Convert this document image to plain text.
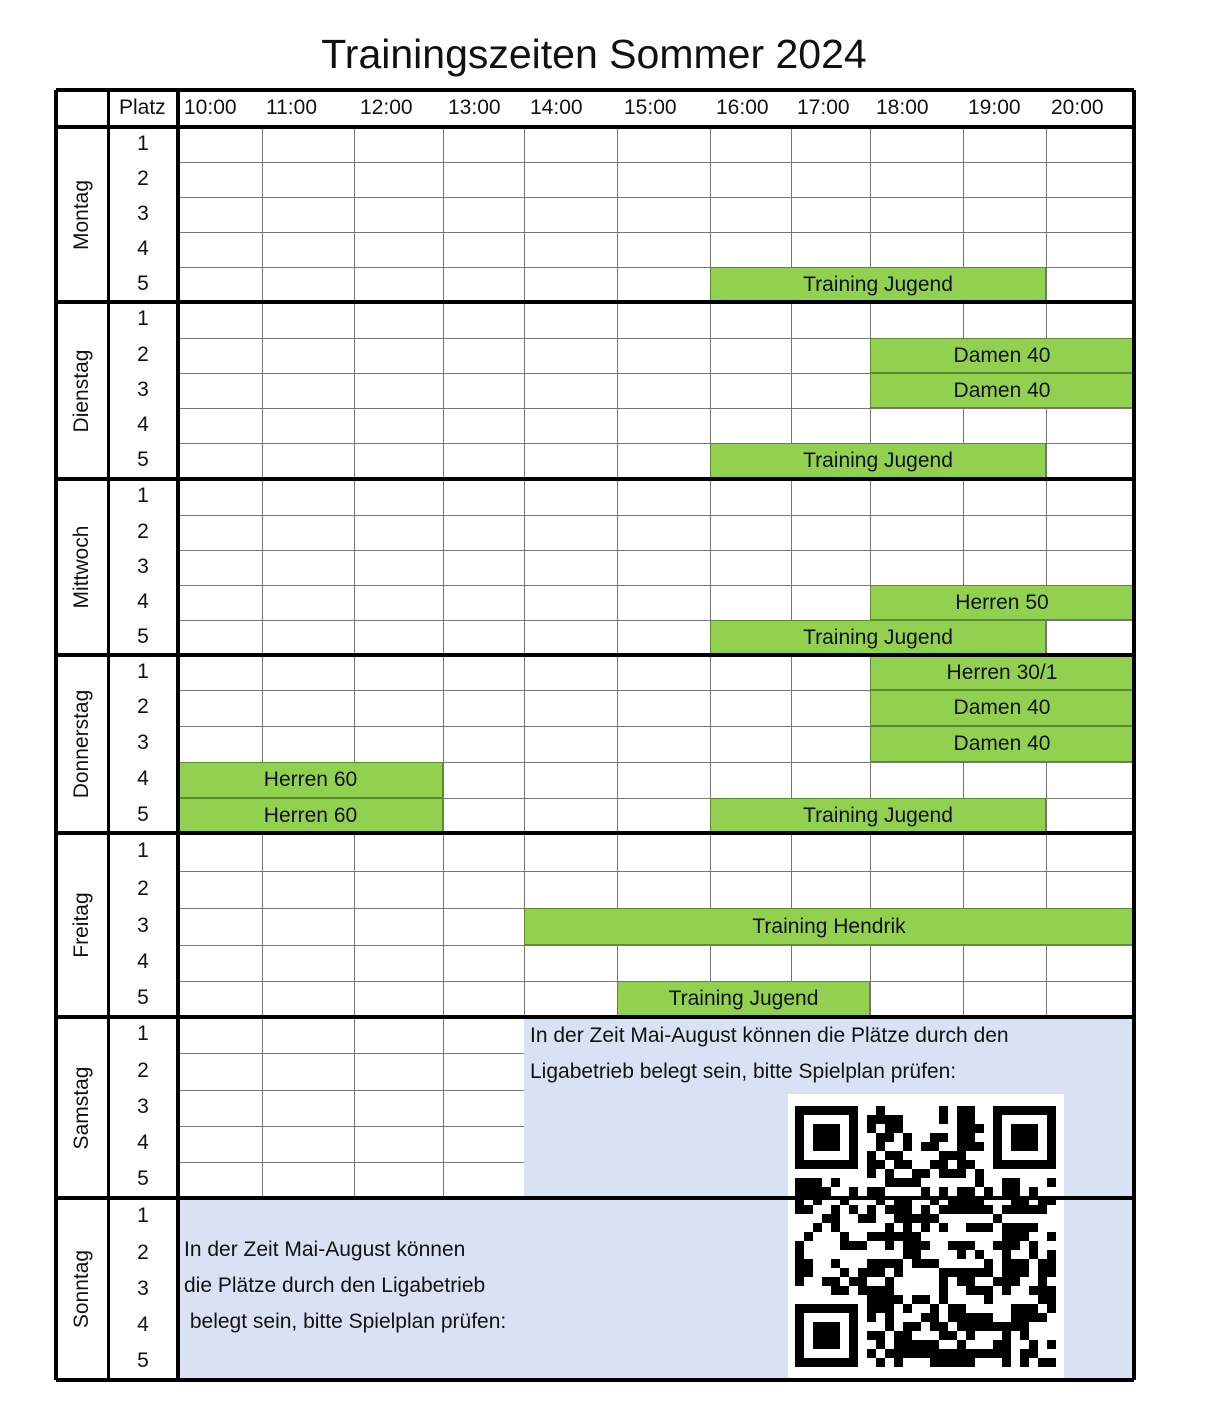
Trainingszeiten Sommer 2024
In der Zeit Mai-August können die Plätze durch den
Ligabetrieb belegt sein, bitte Spielplan prüfen:
In der Zeit Mai-August können
die Plätze durch den Ligabetrieb
belegt sein, bitte Spielplan prüfen:
Training Jugend
Damen 40
Damen 40
Training Jugend
Herren 50
Training Jugend
Herren 30/1
Damen 40
Damen 40
Herren 60
Herren 60	Training Jugend
Training Hendrik
Training Jugend
Platz 10:00 11:00 12:00 13:00 14:00 15:00 16:00 17:00 18:00 19:00 20:00
Montag
1
2
3
4
5
Dienstag
1
2
3
4
5
Mittwoch
1
2
3
4
5
Donnerstag
1
2
3
4
5
Freitag
1
2
3
4
5
Samstag
1
2
3
4
5
Sonntag
1
2
3
4
5
